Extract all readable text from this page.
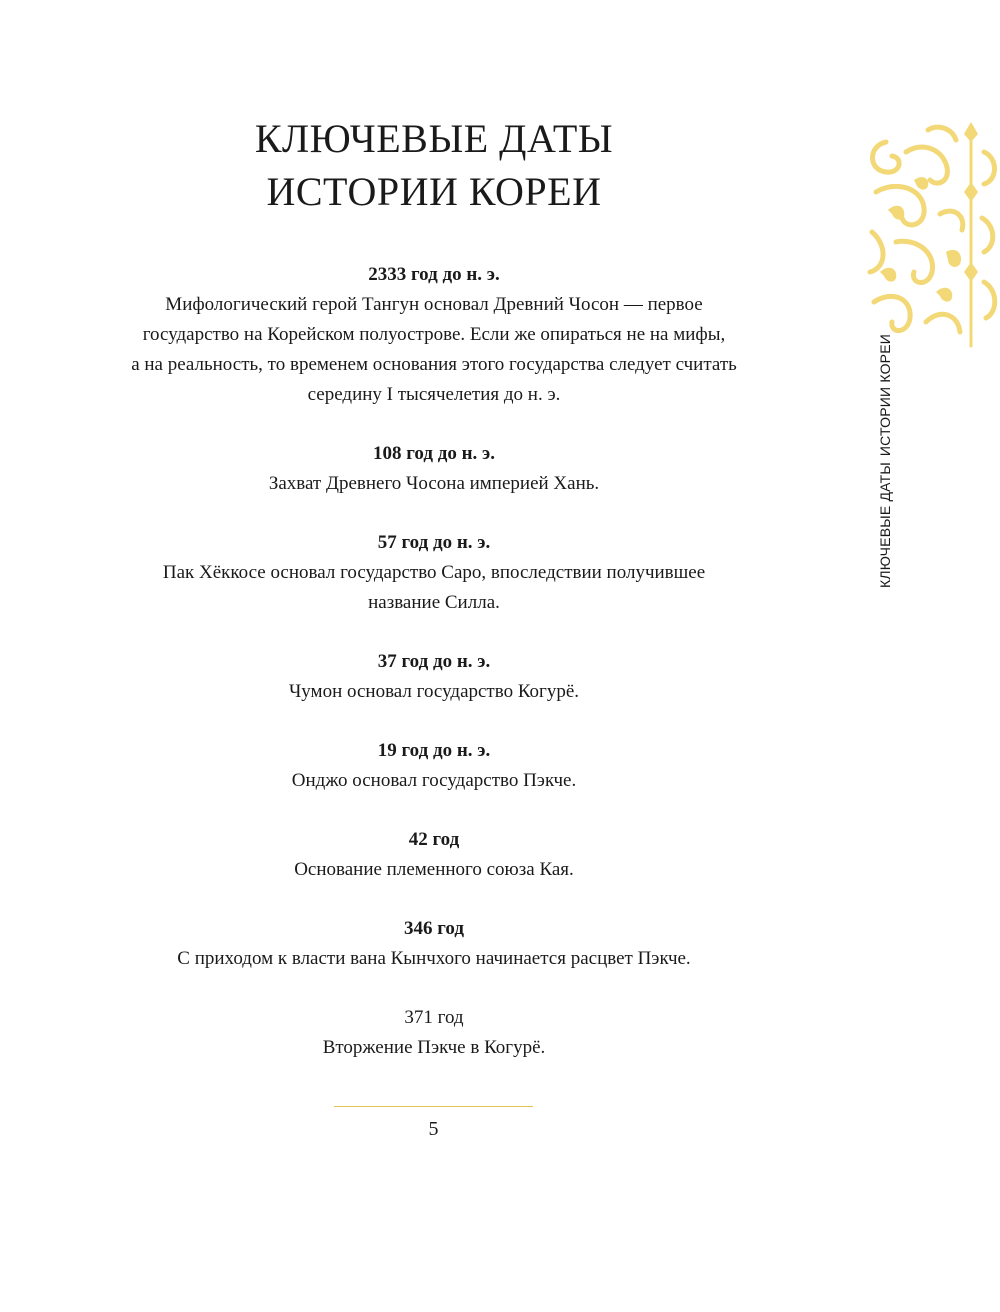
КЛЮЧЕВЫЕ ДАТЫ
ИСТОРИИ КОРЕИ
2333 год до н. э.
Мифологический герой Тангун основал Древний Чосон — первое
государство на Корейском полуострове. Если же опираться не на мифы,
а на реальность, то временем основания этого государства следует считать
середину I тысячелетия до н. э.
108 год до н. э.
Захват Древнего Чосона империей Хань.
57 год до н. э.
Пак Хёккосе основал государство Саро, впоследствии получившее
название Силла.
37 год до н. э.
Чумон основал государство Когурё.
19 год до н. э.
Онджо основал государство Пэкче.
42 год
Основание племенного союза Кая.
346 год
С приходом к власти вана Кынчхого начинается расцвет Пэкче.
371 год
Вторжение Пэкче в Когурё.
5
КЛЮЧЕВЫЕ ДАТЫИСТОРИИ КОРЕИ
